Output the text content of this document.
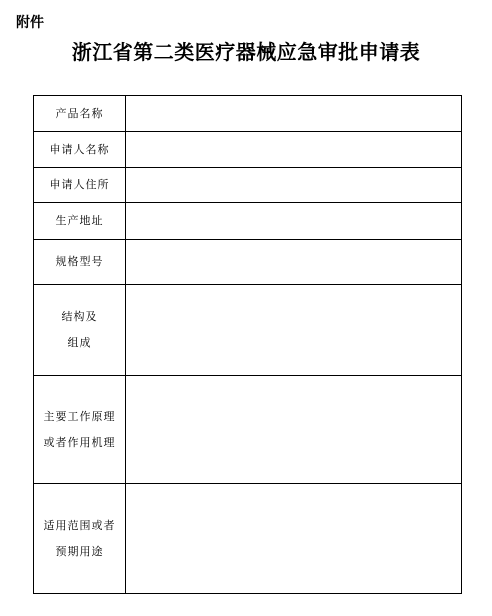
附件
浙江省第二类医疗器械应急审批申请表
产品名称	

申请人名称	

申请人住所	

生产地址	

规格型号	

结构及
组成	

主要工作原理
或者作用机理	

适用范围或者
预期用途	
